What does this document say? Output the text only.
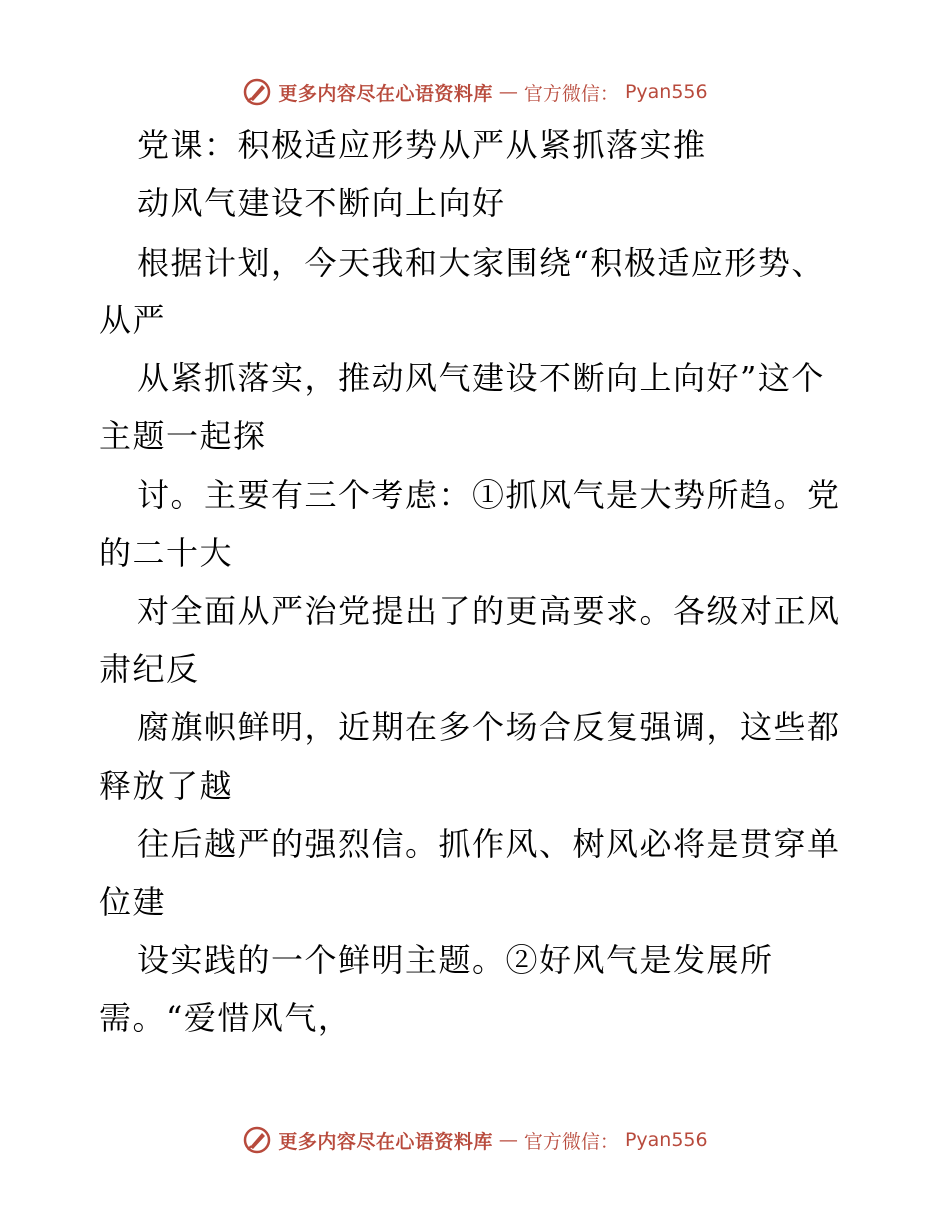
更多内容尽在心语资料库 — 官方微信： Pyan556
党课：积极适应形势从严从紧抓落实推
动风气建设不断向上向好
根据计划，今天我和大家围绕“积极适应形势、
从严
从紧抓落实，推动风气建设不断向上向好”这个
主题一起探
讨。主要有三个考虑：①抓风气是大势所趋。党
的二十大
对全面从严治党提出了的更高要求。各级对正风
肃纪反
腐旗帜鲜明，近期在多个场合反复强调，这些都
释放了越
往后越严的强烈信。抓作风、树风必将是贯穿单
位建
设实践的一个鲜明主题。②好风气是发展所
需。“爱惜风气，
更多内容尽在心语资料库 — 官方微信： Pyan556
